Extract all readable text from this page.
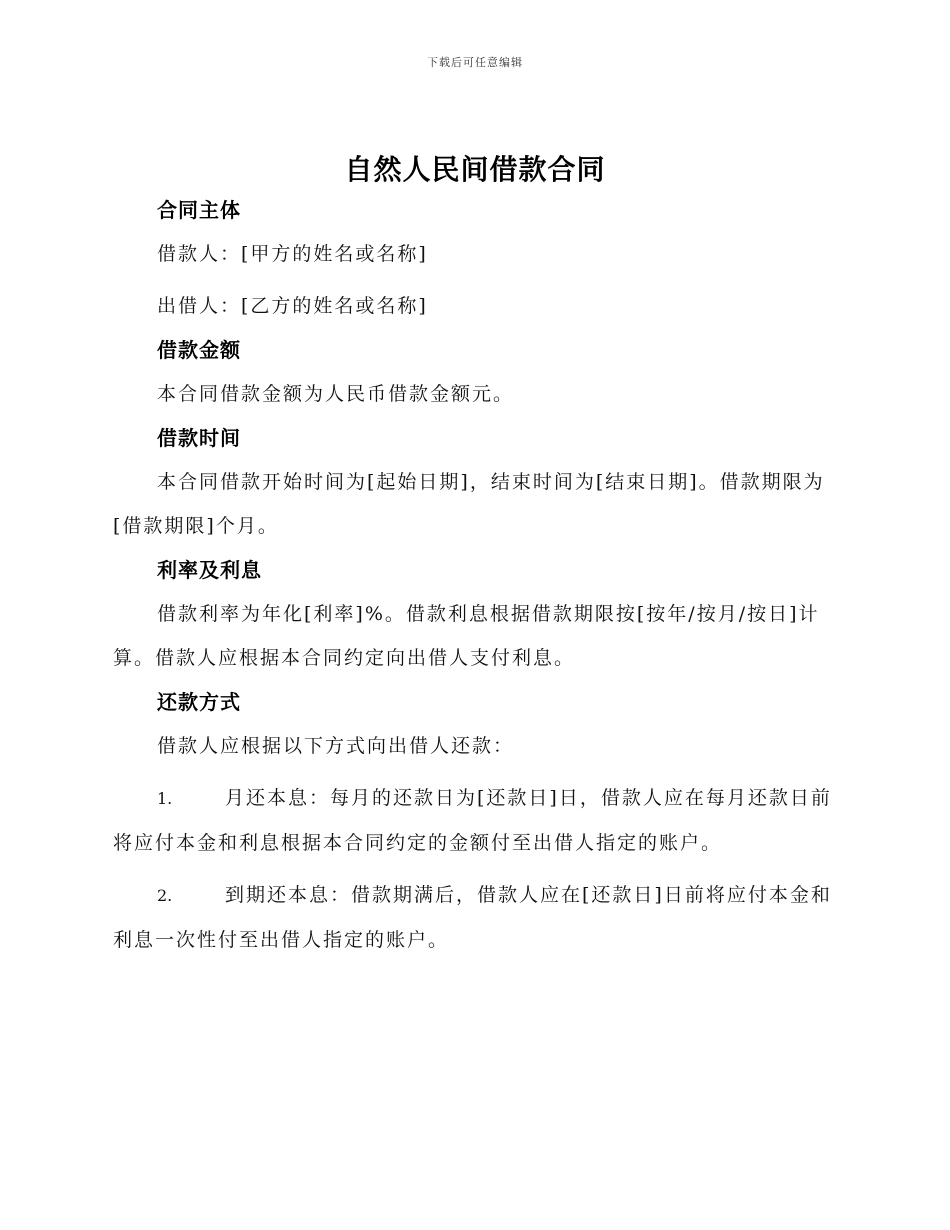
下载后可任意编辑
自然人民间借款合同
合同主体

借款人：[甲方的姓名或名称]

出借人：[乙方的姓名或名称]

借款金额

本合同借款金额为人民币借款金额元。

借款时间

本合同借款开始时间为[起始日期]，结束时间为[结束日期]。借款期限为[借款期限]个月。

利率及利息

借款利率为年化[利率]%。借款利息根据借款期限按[按年/按月/按日]计算。借款人应根据本合同约定向出借人支付利息。

还款方式

借款人应根据以下方式向出借人还款：

1.	月还本息：每月的还款日为[还款日]日，借款人应在每月还款日前将应付本金和利息根据本合同约定的金额付至出借人指定的账户。

2.	到期还本息：借款期满后，借款人应在[还款日]日前将应付本金和利息一次性付至出借人指定的账户。
